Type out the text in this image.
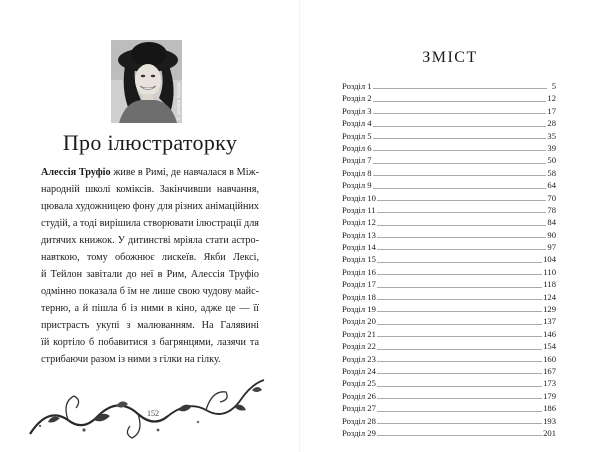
© Jerome Rossier
Про ілюстраторку
Алессія Труфіо живе в Римі, де навчалася в Між-
народній школі коміксів. Закінчивши навчання,
цювала художницею фону для різних анімаційних
студій, а тоді вирішила створювати ілюстрації для
дитячих книжок. У дитинстві мріяла стати астро-
навткою, тому обожнює лискеїв. Якби Лексі,
й Тейлон завітали до неї в Рим, Алессія Труфіо
одмінно показала б їм не лише свою чудову майс-
терню, а й пішла б із ними в кіно, адже це — її
пристрасть укупі з малюванням. На Галявині
їй кортіло б побавитися з багрянцями, лазячи та
стрибаючи разом із ними з гілки на гілку.
152
ЗМІСТ
Розділ 1	5
Розділ 2	12
Розділ 3	17
Розділ 4	28
Розділ 5	35
Розділ 6	39
Розділ 7	50
Розділ 8	58
Розділ 9	64
Розділ 10	70
Розділ 11	78
Розділ 12	84
Розділ 13	90
Розділ 14	97
Розділ 15	104
Розділ 16	110
Розділ 17	118
Розділ 18	124
Розділ 19	129
Розділ 20	137
Розділ 21	146
Розділ 22	154
Розділ 23	160
Розділ 24	167
Розділ 25	173
Розділ 26	179
Розділ 27	186
Розділ 28	193
Розділ 29	201
